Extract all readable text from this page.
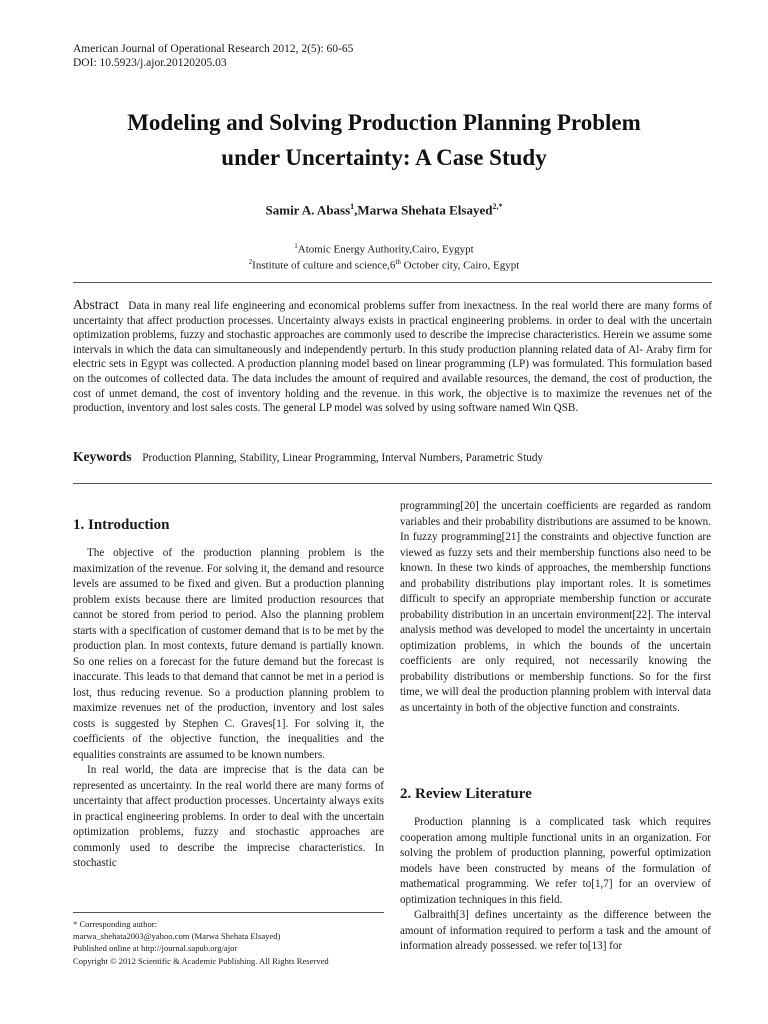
American Journal of Operational Research 2012, 2(5): 60-65
DOI: 10.5923/j.ajor.20120205.03
Modeling and Solving Production Planning Problem
under Uncertainty: A Case Study
Samir A. Abass$^1$,Marwa Shehata Elsayed$^{2,*}$
$^1$Atomic Energy Authority,Cairo, Eygypt
$^2$Institute of culture and science,6th October city, Cairo, Egypt
Abstract Data in many real life engineering and economical problems suffer from inexactness. In the real world there are many forms of uncertainty that affect production processes. Uncertainty always exists in practical engineering problems. in order to deal with the uncertain optimization problems, fuzzy and stochastic approaches are commonly used to describe the imprecise characteristics. Herein we assume some intervals in which the data can simultaneously and independently perturb. In this study production planning related data of Al- Araby firm for electric sets in Egypt was collected. A production planning model based on linear programming (LP) was formulated. This formulation based on the outcomes of collected data. The data includes the amount of required and available resources, the demand, the cost of production, the cost of unmet demand, the cost of inventory holding and the revenue. in this work, the objective is to maximize the revenues net of the production, inventory and lost sales costs. The general LP model was solved by using software named Win QSB.
Keywords Production Planning, Stability, Linear Programming, Interval Numbers, Parametric Study
1. Introduction

The objective of the production planning problem is the maximization of the revenue. For solving it, the demand and resource levels are assumed to be fixed and given. But a production planning problem exists because there are limited production resources that cannot be stored from period to period. Also the planning problem starts with a specification of customer demand that is to be met by the production plan. In most contexts, future demand is partially known. So one relies on a forecast for the future demand but the forecast is inaccurate. This leads to that demand that cannot be met in a period is lost, thus reducing revenue. So a production planning problem to maximize revenues net of the production, inventory and lost sales costs is suggested by Stephen C. Graves[1]. For solving it, the coefficients of the objective function, the inequalities and the equalities constraints are assumed to be known numbers.

In real world, the data are imprecise that is the data can be represented as uncertainty. In the real world there are many forms of uncertainty that affect production processes. Uncertainty always exits in practical engineering problems. In order to deal with the uncertain optimization problems, fuzzy and stochastic approaches are commonly used to describe the imprecise characteristics. In stochastic

programming[20] the uncertain coefficients are regarded as random variables and their probability distributions are assumed to be known. In fuzzy programming[21] the constraints and objective function are viewed as fuzzy sets and their membership functions also need to be known. In these two kinds of approaches, the membership functions and probability distributions play important roles. It is sometimes difficult to specify an appropriate membership function or accurate probability distribution in an uncertain environment[22]. The interval analysis method was developed to model the uncertainty in uncertain optimization problems, in which the bounds of the uncertain coefficients are only required, not necessarily knowing the probability distributions or membership functions. So for the first time, we will deal the production planning problem with interval data as uncertainty in both of the objective function and constraints.

2. Review Literature

Production planning is a complicated task which requires cooperation among multiple functional units in an organization. For solving the problem of production planning, powerful optimization models have been constructed by means of the formulation of mathematical programming. We refer to[1,7] for an overview of optimization techniques in this field.

Galbraith[3] defines uncertainty as the difference between the amount of information required to perform a task and the amount of information already possessed. we refer to[13] for

* Corresponding author:
marwa_shehata2003@yahoo.com (Marwa Shehata Elsayed)
Published online at http://journal.sapub.org/ajor
Copyright © 2012 Scientific & Academic Publishing. All Rights Reserved
